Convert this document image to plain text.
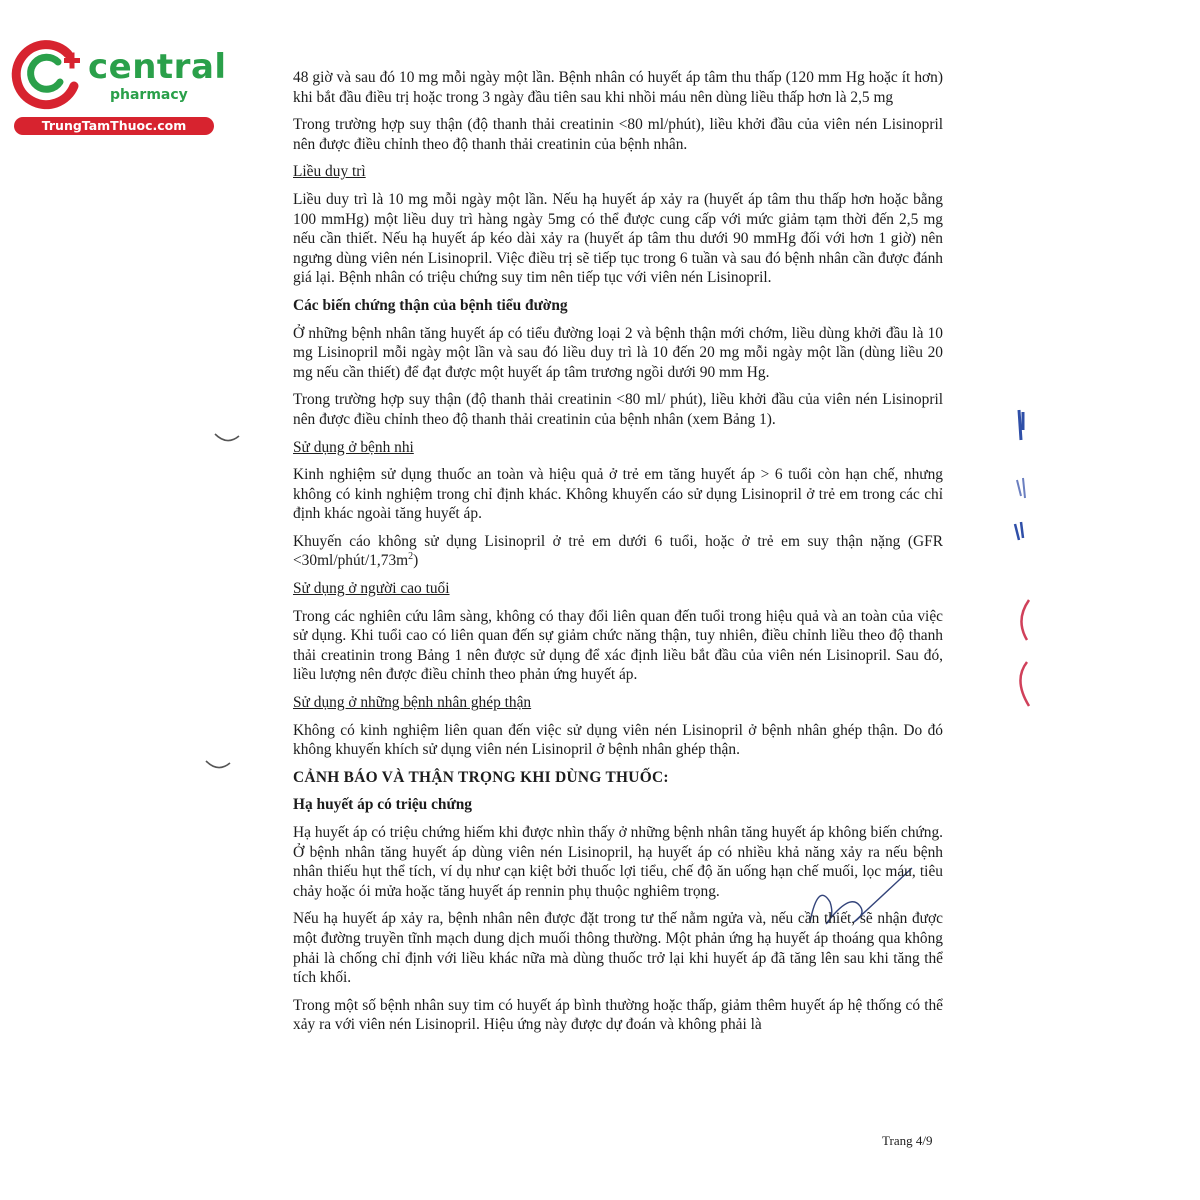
central
pharmacy
TrungTamThuoc.com

48 giờ và sau đó 10 mg mỗi ngày một lần. Bệnh nhân có huyết áp tâm thu thấp (120 mm Hg hoặc ít hơn) khi bắt đầu điều trị hoặc trong 3 ngày đầu tiên sau khi nhồi máu nên dùng liều thấp hơn là 2,5 mg

Trong trường hợp suy thận (độ thanh thải creatinin <80 ml/phút), liều khởi đầu của viên nén Lisinopril nên được điều chỉnh theo độ thanh thải creatinin của bệnh nhân.

Liều duy trì

Liều duy trì là 10 mg mỗi ngày một lần. Nếu hạ huyết áp xảy ra (huyết áp tâm thu thấp hơn hoặc bằng 100 mmHg) một liều duy trì hàng ngày 5mg có thể được cung cấp với mức giảm tạm thời đến 2,5 mg nếu cần thiết. Nếu hạ huyết áp kéo dài xảy ra (huyết áp tâm thu dưới 90 mmHg đối với hơn 1 giờ) nên ngưng dùng viên nén Lisinopril. Việc điều trị sẽ tiếp tục trong 6 tuần và sau đó bệnh nhân cần được đánh giá lại. Bệnh nhân có triệu chứng suy tim nên tiếp tục với viên nén Lisinopril.

Các biến chứng thận của bệnh tiểu đường

Ở những bệnh nhân tăng huyết áp có tiểu đường loại 2 và bệnh thận mới chớm, liều dùng khởi đầu là 10 mg Lisinopril mỗi ngày một lần và sau đó liều duy trì là 10 đến 20 mg mỗi ngày một lần (dùng liều 20 mg nếu cần thiết) để đạt được một huyết áp tâm trương ngồi dưới 90 mm Hg.

Trong trường hợp suy thận (độ thanh thải creatinin <80 ml/ phút), liều khởi đầu của viên nén Lisinopril nên được điều chỉnh theo độ thanh thải creatinin của bệnh nhân (xem Bảng 1).

Sử dụng ở bệnh nhi

Kinh nghiệm sử dụng thuốc an toàn và hiệu quả ở trẻ em tăng huyết áp > 6 tuổi còn hạn chế, nhưng không có kinh nghiệm trong chỉ định khác. Không khuyến cáo sử dụng Lisinopril ở trẻ em trong các chỉ định khác ngoài tăng huyết áp.

Khuyến cáo không sử dụng Lisinopril ở trẻ em dưới 6 tuổi, hoặc ở trẻ em suy thận nặng $(GFR <30ml/phút/1,73m^2)$

Sử dụng ở người cao tuổi

Trong các nghiên cứu lâm sàng, không có thay đổi liên quan đến tuổi trong hiệu quả và an toàn của việc sử dụng. Khi tuổi cao có liên quan đến sự giảm chức năng thận, tuy nhiên, điều chỉnh liều theo độ thanh thải creatinin trong Bảng 1 nên được sử dụng để xác định liều bắt đầu của viên nén Lisinopril. Sau đó, liều lượng nên được điều chỉnh theo phản ứng huyết áp.

Sử dụng ở những bệnh nhân ghép thận

Không có kinh nghiệm liên quan đến việc sử dụng viên nén Lisinopril ở bệnh nhân ghép thận. Do đó không khuyến khích sử dụng viên nén Lisinopril ở bệnh nhân ghép thận.

CẢNH BÁO VÀ THẬN TRỌNG KHI DÙNG THUỐC:

Hạ huyết áp có triệu chứng

Hạ huyết áp có triệu chứng hiếm khi được nhìn thấy ở những bệnh nhân tăng huyết áp không biến chứng. Ở bệnh nhân tăng huyết áp dùng viên nén Lisinopril, hạ huyết áp có nhiều khả năng xảy ra nếu bệnh nhân thiếu hụt thể tích, ví dụ như cạn kiệt bởi thuốc lợi tiểu, chế độ ăn uống hạn chế muối, lọc máu, tiêu chảy hoặc ói mửa hoặc tăng huyết áp rennin phụ thuộc nghiêm trọng.

Nếu hạ huyết áp xảy ra, bệnh nhân nên được đặt trong tư thế nằm ngửa và, nếu cần thiết, sẽ nhận được một đường truyền tĩnh mạch dung dịch muối thông thường. Một phản ứng hạ huyết áp thoáng qua không phải là chống chỉ định với liều khác nữa mà dùng thuốc trở lại khi huyết áp đã tăng lên sau khi tăng thể tích khối.

Trong một số bệnh nhân suy tim có huyết áp bình thường hoặc thấp, giảm thêm huyết áp hệ thống có thể xảy ra với viên nén Lisinopril. Hiệu ứng này được dự đoán và không phải là

Trang 4/9
